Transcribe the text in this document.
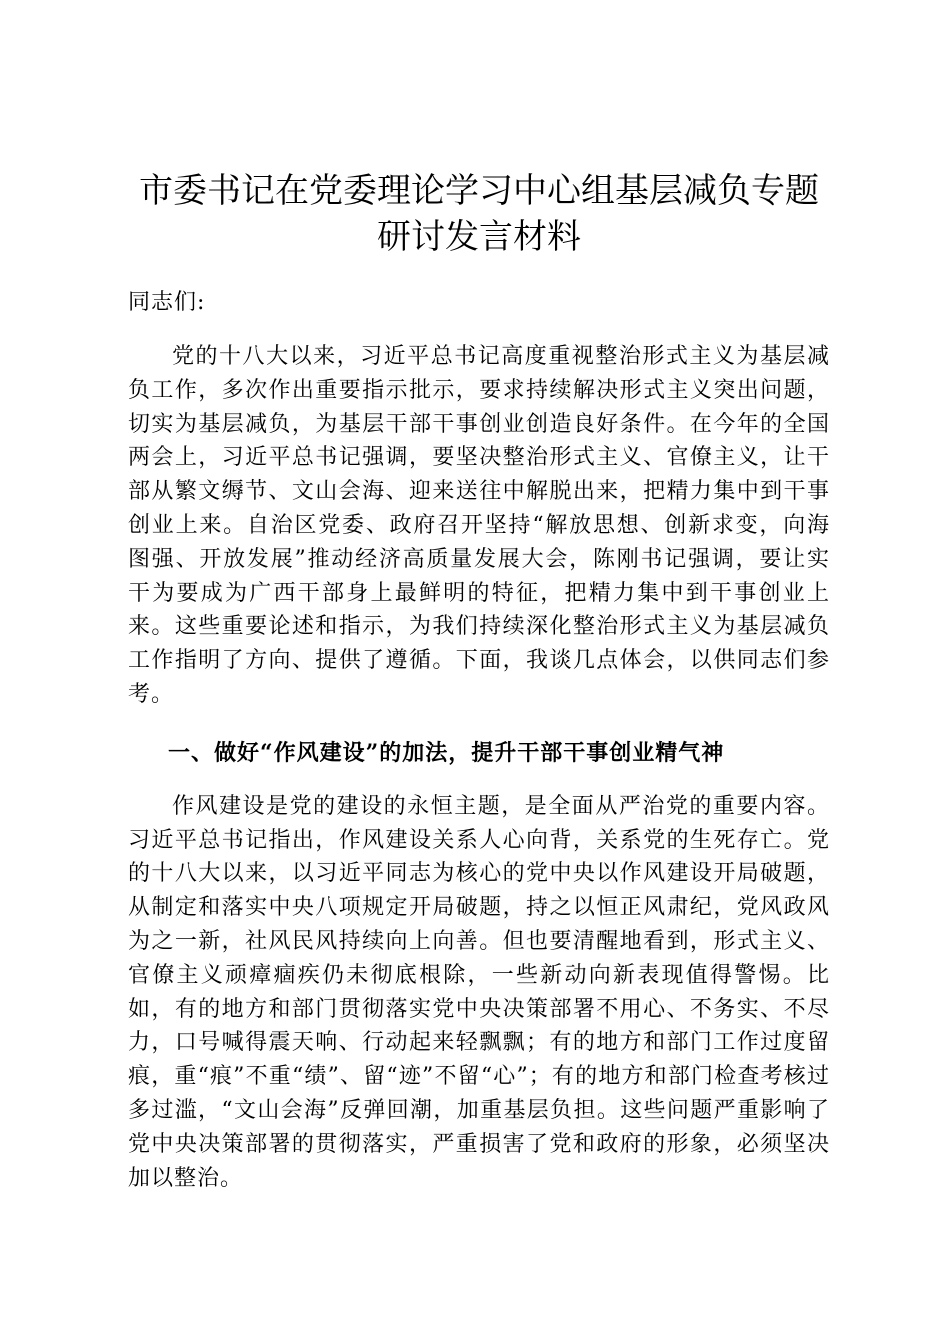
市委书记在党委理论学习中心组基层减负专题
研讨发言材料

同志们:

党的十八大以来，习近平总书记高度重视整治形式主义为基层减负工作，多次作出重要指示批示，要求持续解决形式主义突出问题，切实为基层减负，为基层干部干事创业创造良好条件。在今年的全国两会上，习近平总书记强调，要坚决整治形式主义、官僚主义，让干部从繁文缛节、文山会海、迎来送往中解脱出来，把精力集中到干事创业上来。自治区党委、政府召开坚持“解放思想、创新求变，向海图强、开放发展”推动经济高质量发展大会，陈刚书记强调，要让实干为要成为广西干部身上最鲜明的特征，把精力集中到干事创业上来。这些重要论述和指示，为我们持续深化整治形式主义为基层减负工作指明了方向、提供了遵循。下面，我谈几点体会，以供同志们参考。

一、做好“作风建设”的加法，提升干部干事创业精气神

作风建设是党的建设的永恒主题，是全面从严治党的重要内容。习近平总书记指出，作风建设关系人心向背，关系党的生死存亡。党的十八大以来，以习近平同志为核心的党中央以作风建设开局破题，从制定和落实中央八项规定开局破题，持之以恒正风肃纪，党风政风为之一新，社风民风持续向上向善。但也要清醒地看到，形式主义、官僚主义顽瘴痼疾仍未彻底根除，一些新动向新表现值得警惕。比如，有的地方和部门贯彻落实党中央决策部署不用心、不务实、不尽力，口号喊得震天响、行动起来轻飘飘；有的地方和部门工作过度留痕，重“痕”不重“绩”、留“迹”不留“心”；有的地方和部门检查考核过多过滥，“文山会海”反弹回潮，加重基层负担。这些问题严重影响了党中央决策部署的贯彻落实，严重损害了党和政府的形象，必须坚决加以整治。
